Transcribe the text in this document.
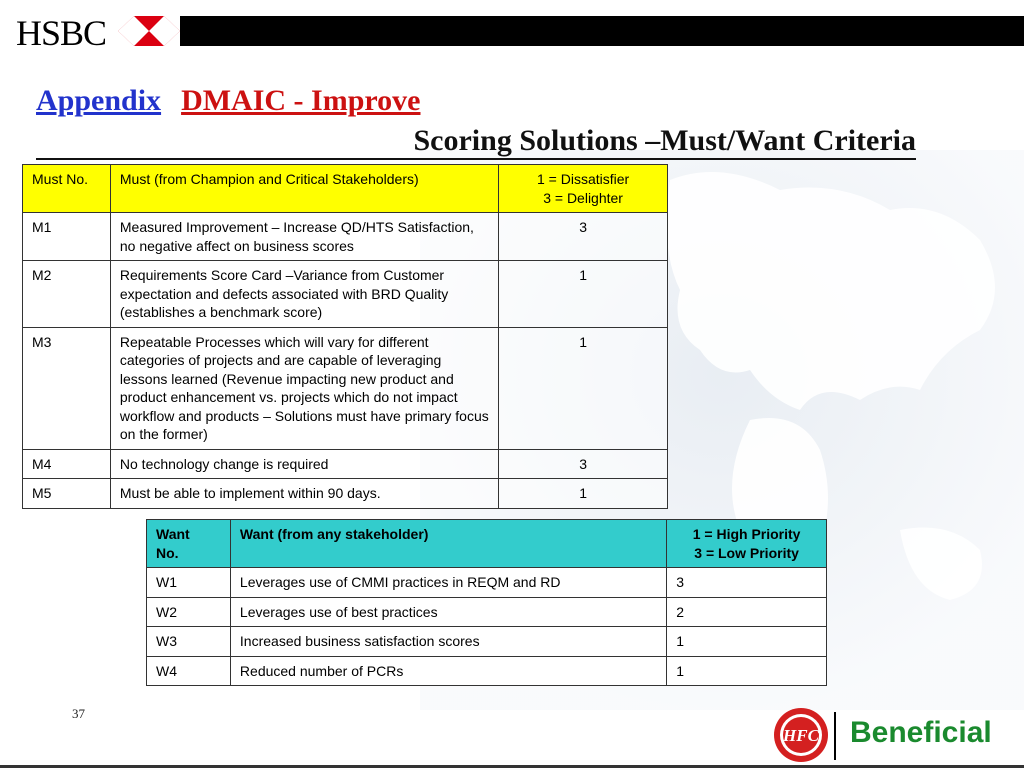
HSBC
Appendix DMAIC - Improve
Scoring Solutions –Must/Want Criteria
Must No.	Must (from Champion and Critical Stakeholders)	1 = Dissatisfier
3 = Delighter
M1	Measured Improvement – Increase QD/HTS Satisfaction, no negative affect on business scores	3
M2	Requirements Score Card –Variance from Customer expectation and defects associated with BRD Quality (establishes a benchmark score)	1
M3	Repeatable Processes which will vary for different categories of projects and are capable of leveraging lessons learned (Revenue impacting new product and product enhancement vs. projects which do not impact workflow and products – Solutions must have primary focus on the former)	1
M4	No technology change is required	3
M5	Must be able to implement within 90 days.	1
Want
No.	Want (from any stakeholder)	1 = High Priority
3 = Low Priority
W1	Leverages use of CMMI practices in REQM and RD	3
W2	Leverages use of best practices	2
W3	Increased business satisfaction scores	1
W4	Reduced number of PCRs	1
37
HFC Beneficial
